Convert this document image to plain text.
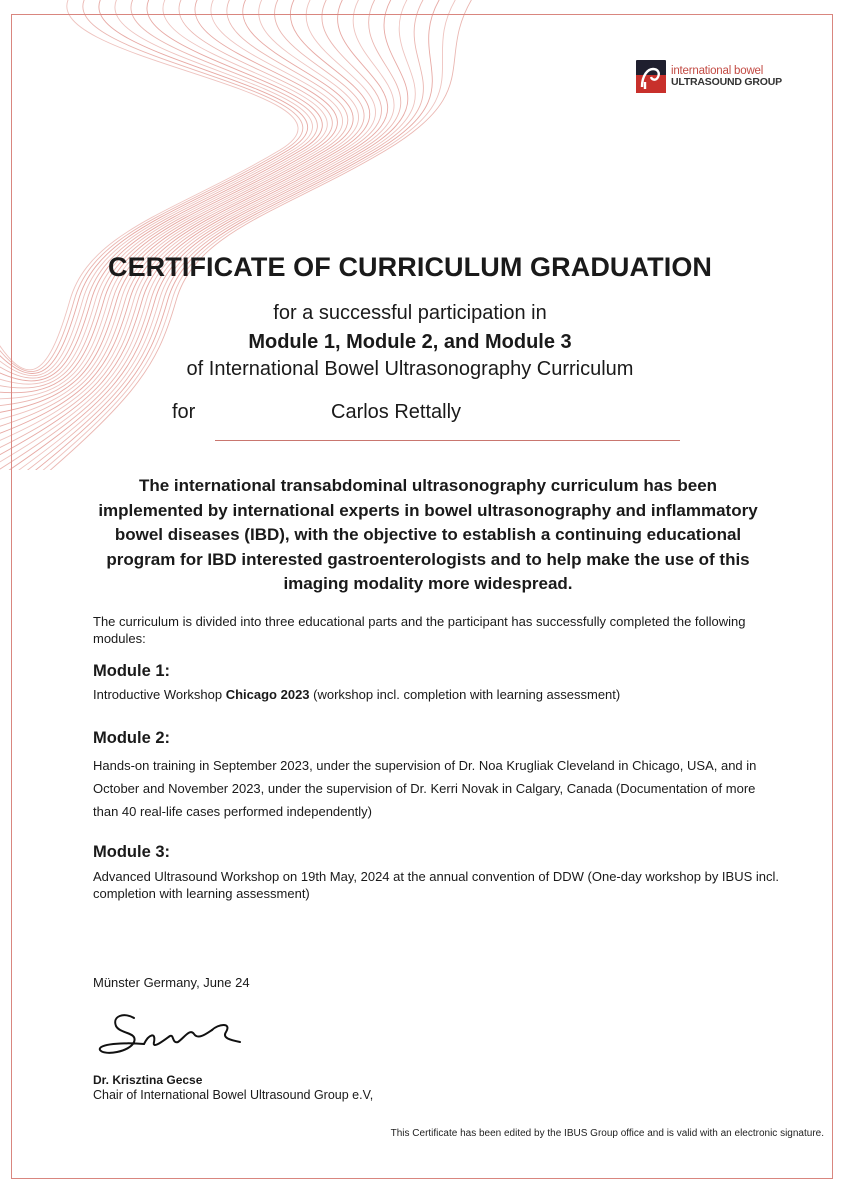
international bowel
ULTRASOUND GROUP
CERTIFICATE OF CURRICULUM GRADUATION
for a successful participation in
Module 1, Module 2, and Module 3
of International Bowel Ultrasonography Curriculum
for	Carlos Rettally
The international transabdominal ultrasonography curriculum has been implemented by international experts in bowel ultrasonography and inflammatory bowel diseases (IBD), with the objective to establish a continuing educational program for IBD interested gastroenterologists and to help make the use of this imaging modality more widespread.
The curriculum is divided into three educational parts and the participant has successfully completed the following modules:
Module 1:
Introductive Workshop Chicago 2023 (workshop incl. completion with learning assessment)
Module 2:
Hands-on training in September 2023, under the supervision of Dr. Noa Krugliak Cleveland in Chicago, USA, and in October and November 2023, under the supervision of Dr. Kerri Novak in Calgary, Canada (Documentation of more than 40 real-life cases performed independently)
Module 3:
Advanced Ultrasound Workshop on 19th May, 2024 at the annual convention of DDW (One-day workshop by IBUS incl. completion with learning assessment)
Münster Germany, June 24
Dr. Krisztina Gecse
Chair of International Bowel Ultrasound Group e.V,
This Certificate has been edited by the IBUS Group office and is valid with an electronic signature.
